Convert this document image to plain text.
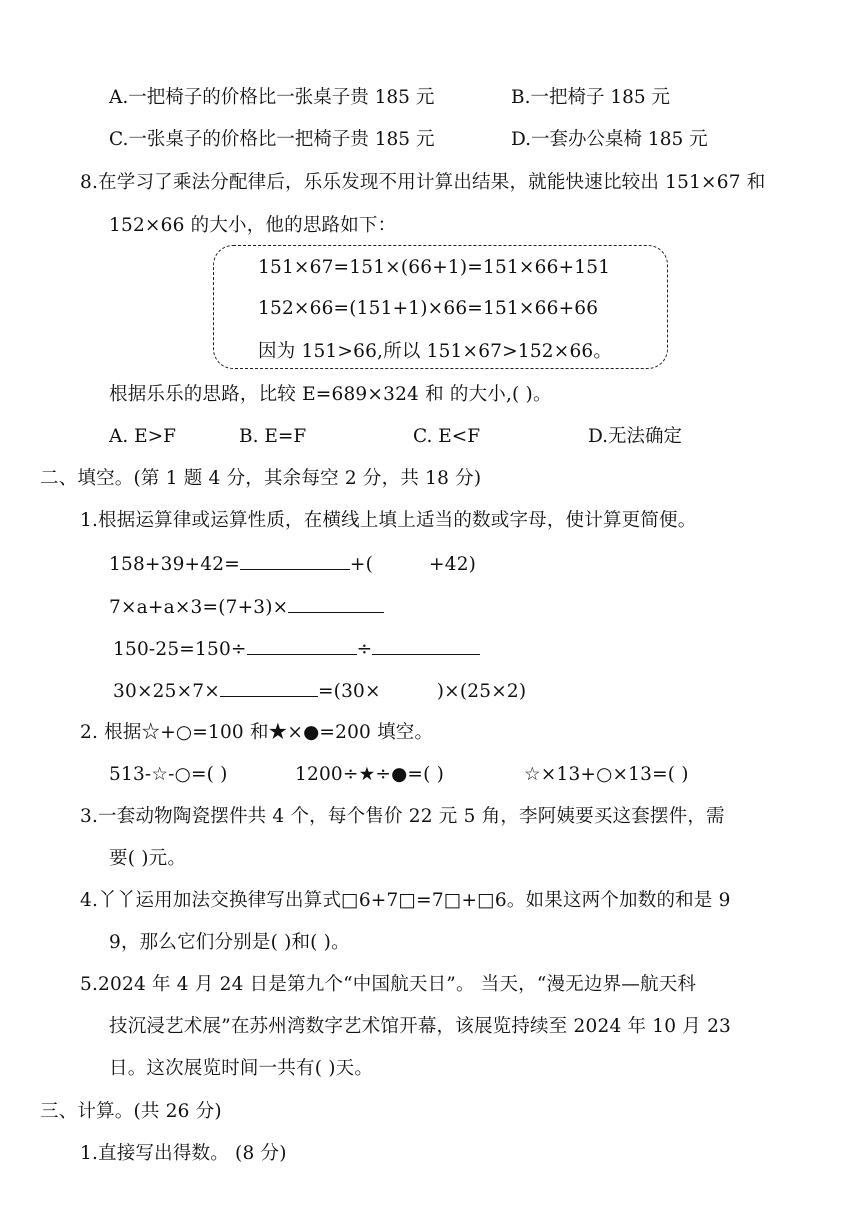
A.一把椅子的价格比一张桌子贵 185 元	B.一把椅子 185 元
C.一张桌子的价格比一把椅子贵 185 元	D.一套办公桌椅 185 元
8.在学习了乘法分配律后，乐乐发现不用计算出结果，就能快速比较出 151×67 和
152×66 的大小，他的思路如下：
151×67=151×(66+1)=151×66+151
152×66=(151+1)×66=151×66+66
因为 151>66,所以 151×67>152×66。
根据乐乐的思路，比较 E=689×324 和 的大小,( )。
A. E>F	B. E=F	C. E<F	D.无法确定
二、填空。(第 1 题 4 分，其余每空 2 分，共 18 分)
1.根据运算律或运算性质，在横线上填上适当的数或字母，使计算更简便。
158+39+42=	+(	+42)
7×a+a×3=(7+3)×
150-25=150÷	÷
30×25×7×	=(30×	)×(25×2)
2. 根据☆+○=100 和★×●=200 填空。
513-☆-○=( )	1200÷★÷●=( )	☆×13+○×13=( )
3.一套动物陶瓷摆件共 4 个，每个售价 22 元 5 角，李阿姨要买这套摆件，需
要( )元。
4.丫丫运用加法交换律写出算式□6+7□=7□+□6。如果这两个加数的和是 9
9，那么它们分别是( )和( )。
5.2024 年 4 月 24 日是第九个“中国航天日”。 当天，“漫无边界—航天科
技沉浸艺术展”在苏州湾数字艺术馆开幕，该展览持续至 2024 年 10 月 23
日。这次展览时间一共有( )天。
三、计算。(共 26 分)
1.直接写出得数。 (8 分)
